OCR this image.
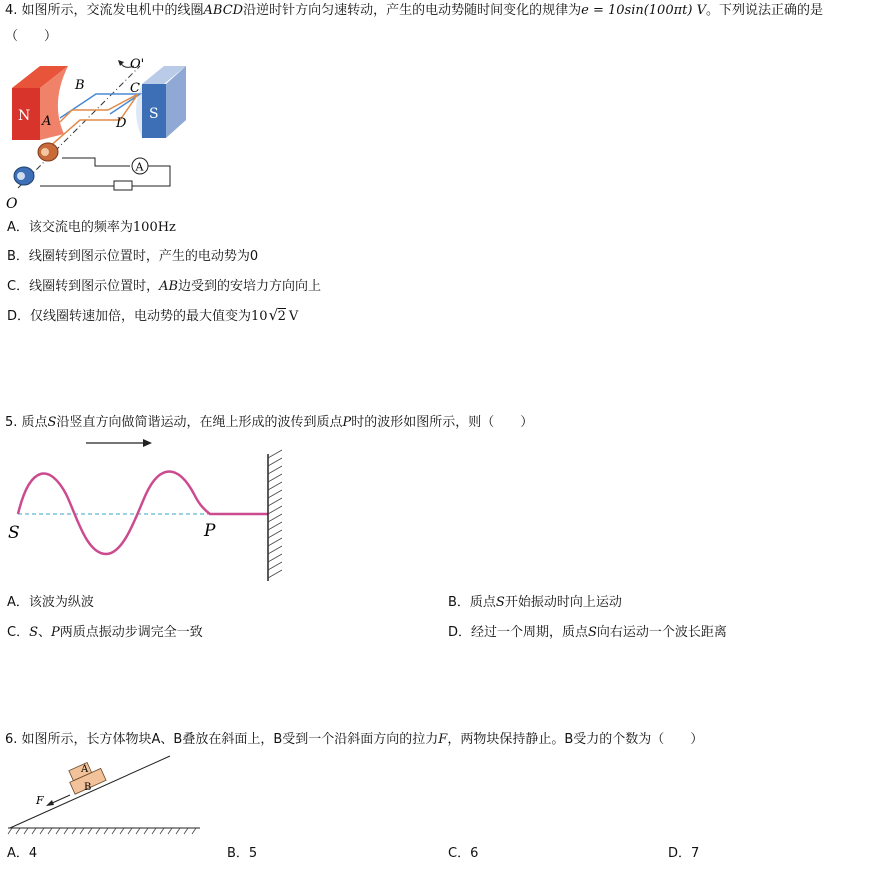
4. 如图所示，交流发电机中的线圈ABCD沿逆时针方向匀速转动，产生的电动势随时间变化的规律为e = 10sin(100πt) V。下列说法正确的是
（　　）
N	S
A
B	C
D
O'
A
O
A．该交流电的频率为100Hz
B．线圈转到图示位置时，产生的电动势为0
C．线圈转到图示位置时，AB边受到的安培力方向向上
D．仅线圈转速加倍，电动势的最大值变为10 √ 2 V
5. 质点S沿竖直方向做简谐运动，在绳上形成的波传到质点P时的波形如图所示，则（　　）
S	P
A．该波为纵波	B．质点S开始振动时向上运动
C．S、P两质点振动步调完全一致	D．经过一个周期，质点S向右运动一个波长距离
6. 如图所示，长方体物块A、B叠放在斜面上，B受到一个沿斜面方向的拉力F，两物块保持静止。B受力的个数为（　　）
A
B
F
A．4	B．5	C．6	D．7
